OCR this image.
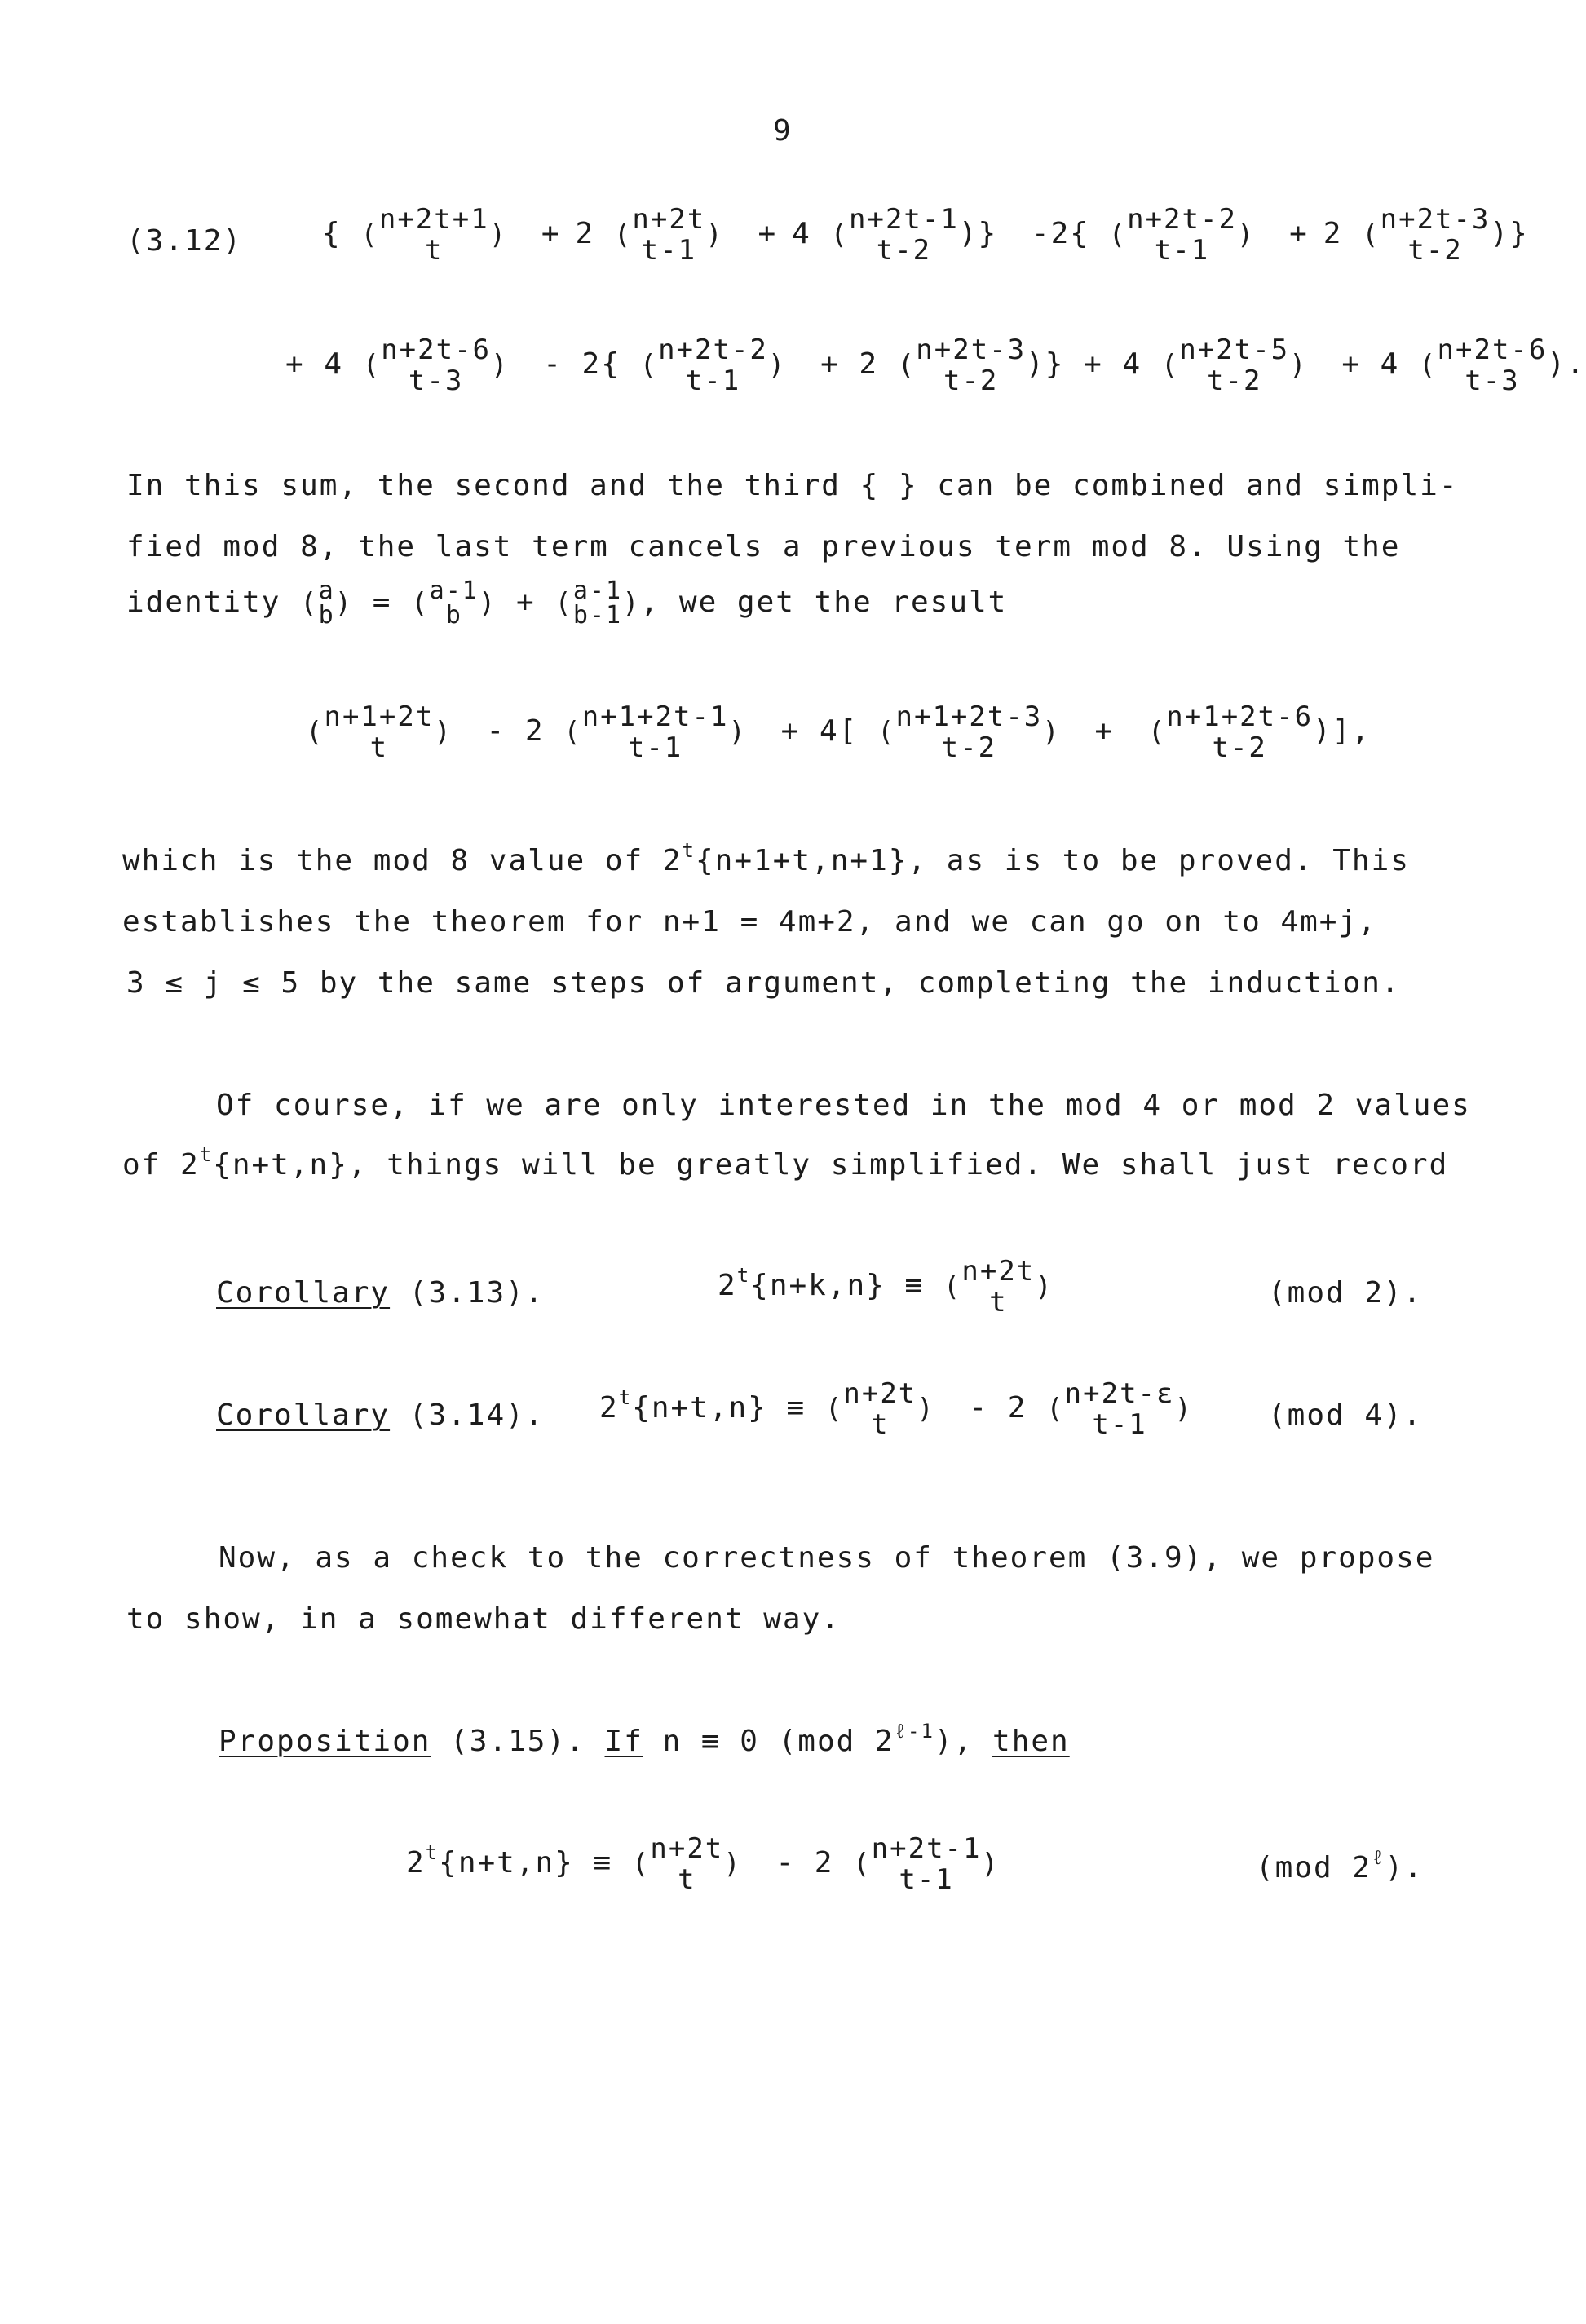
9
(3.12)	{ ( n+2t+1
t ) + 2 ( n+2t
t-1 ) + 4 ( n+2t-1
t-2 )} -2{ ( n+2t-2
t-1 ) + 2 ( n+2t-3
t-2 )}
+ 4 ( n+2t-6
t-3 ) - 2{ ( n+2t-2
t-1 ) + 2 ( n+2t-3
t-2 )} + 4 ( n+2t-5
t-2 ) + 4 ( n+2t-6
t-3 ).
In this sum, the second and the third { } can be combined and simpli-
fied mod 8, the last term cancels a previous term mod 8. Using the
identity ( a
b ) = ( a-1
b ) + ( a-1
b-1 ) , we get the result
( n+1+2t
t ) - 2 ( n+1+2t-1
t-1 ) + 4[ ( n+1+2t-3
t-2 ) + ( n+1+2t-6
t-2 )],
which is the mod 8 value of $2^t\{n+1+t,n+1\}$, as is to be proved. This
establishes the theorem for n+1 = 4m+2, and we can go on to 4m+j,
3 ≤ j ≤ 5 by the same steps of argument, completing the induction.
Of course, if we are only interested in the mod 4 or mod 2 values
of $2^t\{n+t,n\}$, things will be greatly simplified. We shall just record
Corollary (3.13).	$2^t\{n+k,n\}$ ≡ ( n+2t
t )	(mod 2).
Corollary (3.14). $2^t\{n+t,n\}$ ≡ ( n+2t
t ) - 2 ( n+2t-ε
t-1 )	(mod 4).
Now, as a check to the correctness of theorem (3.9), we propose
to show, in a somewhat different way.
Proposition (3.15). If n ≡ 0 (mod $2^{\ell-1}$), then
$2^t\{n+t,n\}$ ≡ ( n+2t
t ) - 2 ( n+2t-1
t-1 )	(mod $2^\ell$).
